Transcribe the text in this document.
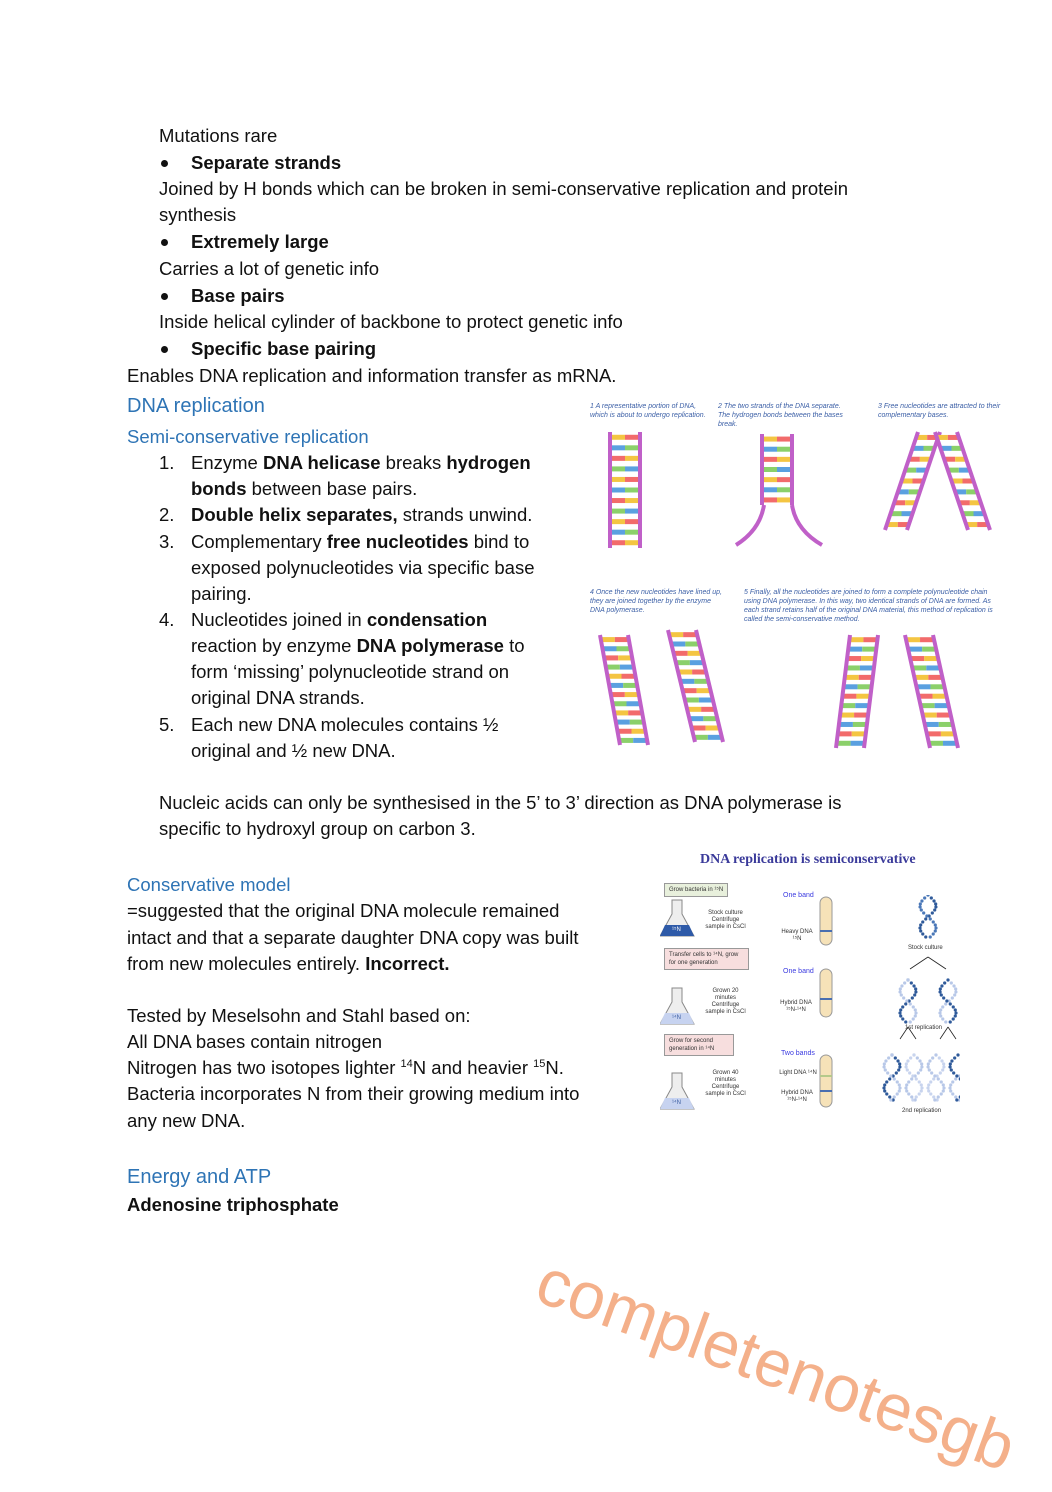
completenotesgb
Mutations rare
Separate strands
Joined by H bonds which can be broken in semi-conservative replication and protein
synthesis
Extremely large
Carries a lot of genetic info
Base pairs
Inside helical cylinder of backbone to protect genetic info
Specific base pairing
Enables DNA replication and information transfer as mRNA.
DNA replication
Semi-conservative replication
1. Enzyme DNA helicase breaks hydrogen
bonds between base pairs.
2. Double helix separates, strands unwind.
3. Complementary free nucleotides bind to
exposed polynucleotides via specific base
pairing.
4. Nucleotides joined in condensation
reaction by enzyme DNA polymerase to
form ‘missing’ polynucleotide strand on
original DNA strands.
5. Each new DNA molecules contains ½
original and ½ new DNA.
Nucleic acids can only be synthesised in the 5’ to 3’ direction as DNA polymerase is
specific to hydroxyl group on carbon 3.
1 A representative portion of DNA, which is about to undergo replication.
2 The two strands of the DNA separate. The hydrogen bonds between the bases break.
3 Free nucleotides are attracted to their complementary bases.
4 Once the new nucleotides have lined up, they are joined together by the enzyme DNA polymerase.
5 Finally, all the nucleotides are joined to form a complete polynucleotide chain using DNA polymerase. In this way, two identical strands of DNA are formed. As each strand retains half of the original DNA material, this method of replication is called the semi-conservative method.
Conservative model
=suggested that the original DNA molecule remained
intact and that a separate daughter DNA copy was built
from new molecules entirely. Incorrect.
Tested by Meselsohn and Stahl based on:
All DNA bases contain nitrogen
Nitrogen has two isotopes lighter $^{14}$N and heavier $^{15}$N.
Bacteria incorporates N from their growing medium into
any new DNA.
DNA replication is semiconservative
Grow bacteria in ¹⁵N
Transfer cells to ¹⁴N, grow for one generation
Grow for second generation in ¹⁴N
¹⁵N
¹⁴N
¹⁴N
Stock culture Centrifuge sample in CsCl
Grown 20 minutes Centrifuge sample in CsCl
Grown 40 minutes Centrifuge sample in CsCl
One band
One band
Two bands
Heavy DNA ¹⁵N
Hybrid DNA ¹⁵N-¹⁴N
Light DNA ¹⁴N
Hybrid DNA ¹⁵N-¹⁴N
Stock culture
1st replication
2nd replication
Energy and ATP
Adenosine triphosphate
